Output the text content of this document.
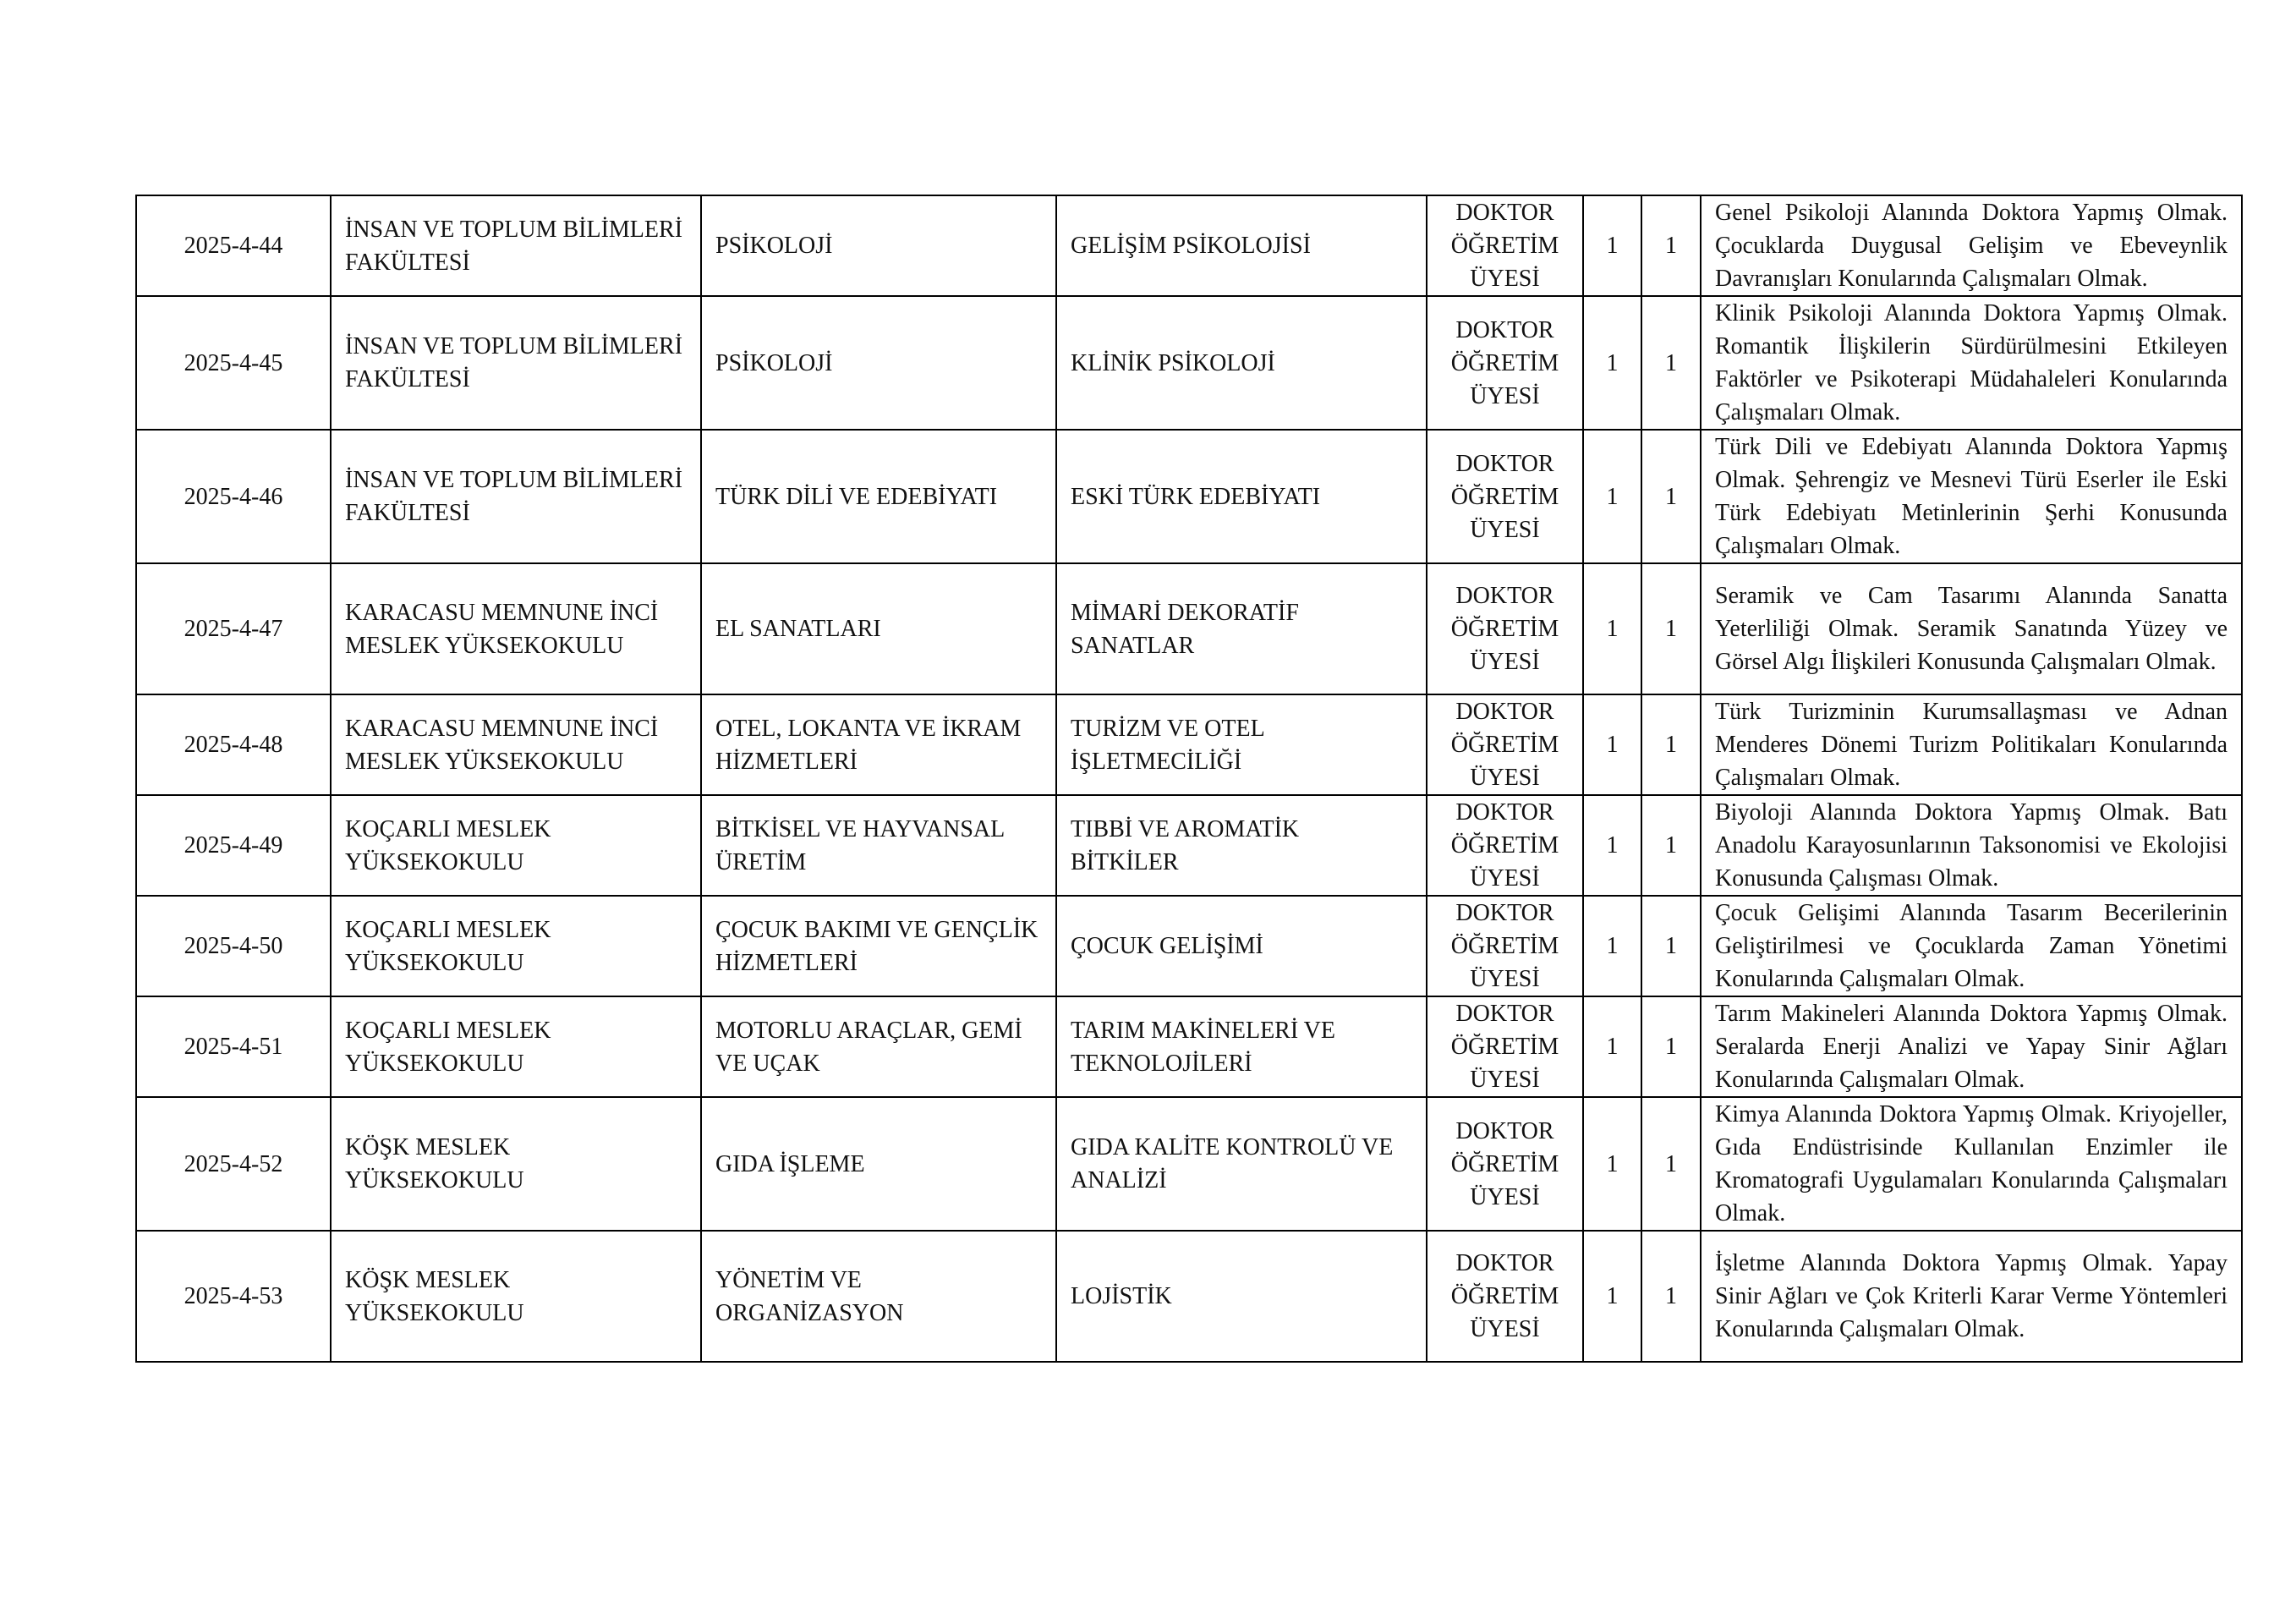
2025-4-44	İNSAN VE TOPLUM BİLİMLERİ FAKÜLTESİ	PSİKOLOJİ	GELİŞİM PSİKOLOJİSİ	DOKTOR ÖĞRETİM ÜYESİ	1	1	Genel Psikoloji Alanında Doktora Yapmış Olmak. Çocuklarda Duygusal Gelişim ve Ebeveynlik Davranışları Konularında Çalışmaları Olmak.
2025-4-45	İNSAN VE TOPLUM BİLİMLERİ FAKÜLTESİ	PSİKOLOJİ	KLİNİK PSİKOLOJİ	DOKTOR ÖĞRETİM ÜYESİ	1	1	Klinik Psikoloji Alanında Doktora Yapmış Olmak. Romantik İlişkilerin Sürdürülmesini Etkileyen Faktörler ve Psikoterapi Müdahaleleri Konularında Çalışmaları Olmak.
2025-4-46	İNSAN VE TOPLUM BİLİMLERİ FAKÜLTESİ	TÜRK DİLİ VE EDEBİYATI	ESKİ TÜRK EDEBİYATI	DOKTOR ÖĞRETİM ÜYESİ	1	1	Türk Dili ve Edebiyatı Alanında Doktora Yapmış Olmak. Şehrengiz ve Mesnevi Türü Eserler ile Eski Türk Edebiyatı Metinlerinin Şerhi Konusunda Çalışmaları Olmak.
2025-4-47	KARACASU MEMNUNE İNCİ MESLEK YÜKSEKOKULU	EL SANATLARI	MİMARİ DEKORATİF SANATLAR	DOKTOR ÖĞRETİM ÜYESİ	1	1	Seramik ve Cam Tasarımı Alanında Sanatta Yeterliliği Olmak. Seramik Sanatında Yüzey ve Görsel Algı İlişkileri Konusunda Çalışmaları Olmak.
2025-4-48	KARACASU MEMNUNE İNCİ MESLEK YÜKSEKOKULU	OTEL, LOKANTA VE İKRAM HİZMETLERİ	TURİZM VE OTEL İŞLETMECİLİĞİ	DOKTOR ÖĞRETİM ÜYESİ	1	1	Türk Turizminin Kurumsallaşması ve Adnan Menderes Dönemi Turizm Politikaları Konularında Çalışmaları Olmak.
2025-4-49	KOÇARLI MESLEK YÜKSEKOKULU	BİTKİSEL VE HAYVANSAL ÜRETİM	TIBBİ VE AROMATİK BİTKİLER	DOKTOR ÖĞRETİM ÜYESİ	1	1	Biyoloji Alanında Doktora Yapmış Olmak. Batı Anadolu Karayosunlarının Taksonomisi ve Ekolojisi Konusunda Çalışması Olmak.
2025-4-50	KOÇARLI MESLEK YÜKSEKOKULU	ÇOCUK BAKIMI VE GENÇLİK HİZMETLERİ	ÇOCUK GELİŞİMİ	DOKTOR ÖĞRETİM ÜYESİ	1	1	Çocuk Gelişimi Alanında Tasarım Becerilerinin Geliştirilmesi ve Çocuklarda Zaman Yönetimi Konularında Çalışmaları Olmak.
2025-4-51	KOÇARLI MESLEK YÜKSEKOKULU	MOTORLU ARAÇLAR, GEMİ VE UÇAK	TARIM MAKİNELERİ VE TEKNOLOJİLERİ	DOKTOR ÖĞRETİM ÜYESİ	1	1	Tarım Makineleri Alanında Doktora Yapmış Olmak. Seralarda Enerji Analizi ve Yapay Sinir Ağları Konularında Çalışmaları Olmak.
2025-4-52	KÖŞK MESLEK YÜKSEKOKULU	GIDA İŞLEME	GIDA KALİTE KONTROLÜ VE ANALİZİ	DOKTOR ÖĞRETİM ÜYESİ	1	1	Kimya Alanında Doktora Yapmış Olmak. Kriyojeller, Gıda Endüstrisinde Kullanılan Enzimler ile Kromatografi Uygulamaları Konularında Çalışmaları Olmak.
2025-4-53	KÖŞK MESLEK YÜKSEKOKULU	YÖNETİM VE ORGANİZASYON	LOJİSTİK	DOKTOR ÖĞRETİM ÜYESİ	1	1	İşletme Alanında Doktora Yapmış Olmak. Yapay Sinir Ağları ve Çok Kriterli Karar Verme Yöntemleri Konularında Çalışmaları Olmak.
